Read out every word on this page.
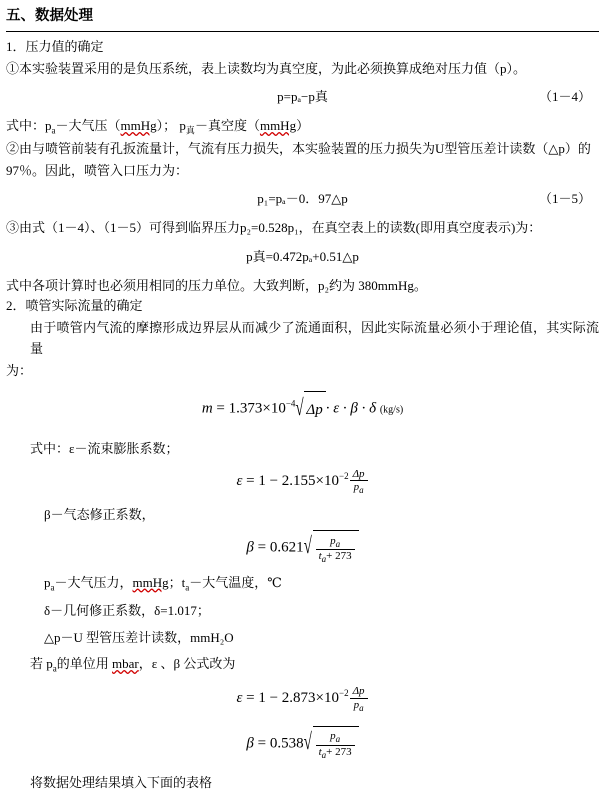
五、数据处理
1．压力值的确定
①本实验装置采用的是负压系统，表上读数均为真空度，为此必须换算成绝对压力值（p）。
p=pₐ−p真	（1－4）
式中：$p_a-$大气压（mmHg）； $p_真-$真空度（mmHg）
②由与喷管前装有孔扳流量计，气流有压力损失，本实验装置的压力损失为U型管压差计读数（△p）的
97％。因此，喷管入口压力为：
p₁=pₐ－0．97△p	（1－5）
③由式（1－4）、（1－5）可得到临界压力p₂=0.528p₁，在真空表上的读数(即用真空度表示)为：
p真=0.472pₐ+0.51△p
式中各项计算时也必须用相同的压力单位。大致判断，p₂约为 380mmHg。
2．喷管实际流量的确定
由于喷管内气流的摩擦形成边界层从而减少了流通面积，因此实际流量必须小于理论值，其实际流量
为：
$m = 1.373\times 10^{-4}$ √ Δp · ε · β · δ (kg/s)
式中：ε－流束膨胀系数；
$\varepsilon = 1 - 2.155\times 10^{-2} \frac{\Delta p}{p_a}$
β－气态修正系数，
β = 0.621 √ $\frac{p_a}{t_a+ 273}$
$p_a-$大气压力，mmHg；$t_a-$大气温度，℃
δ－几何修正系数，δ=1.017；
△p－U 型管压差计读数，mmH₂O
若 $p_a$的单位用 mbar，ε 、β 公式改为
$\varepsilon = 1 - 2.873\times 10^{-2} \frac{\Delta p}{p_a}$
β = 0.538 √ $\frac{p_a}{t_a+ 273}$
将数据处理结果填入下面的表格
